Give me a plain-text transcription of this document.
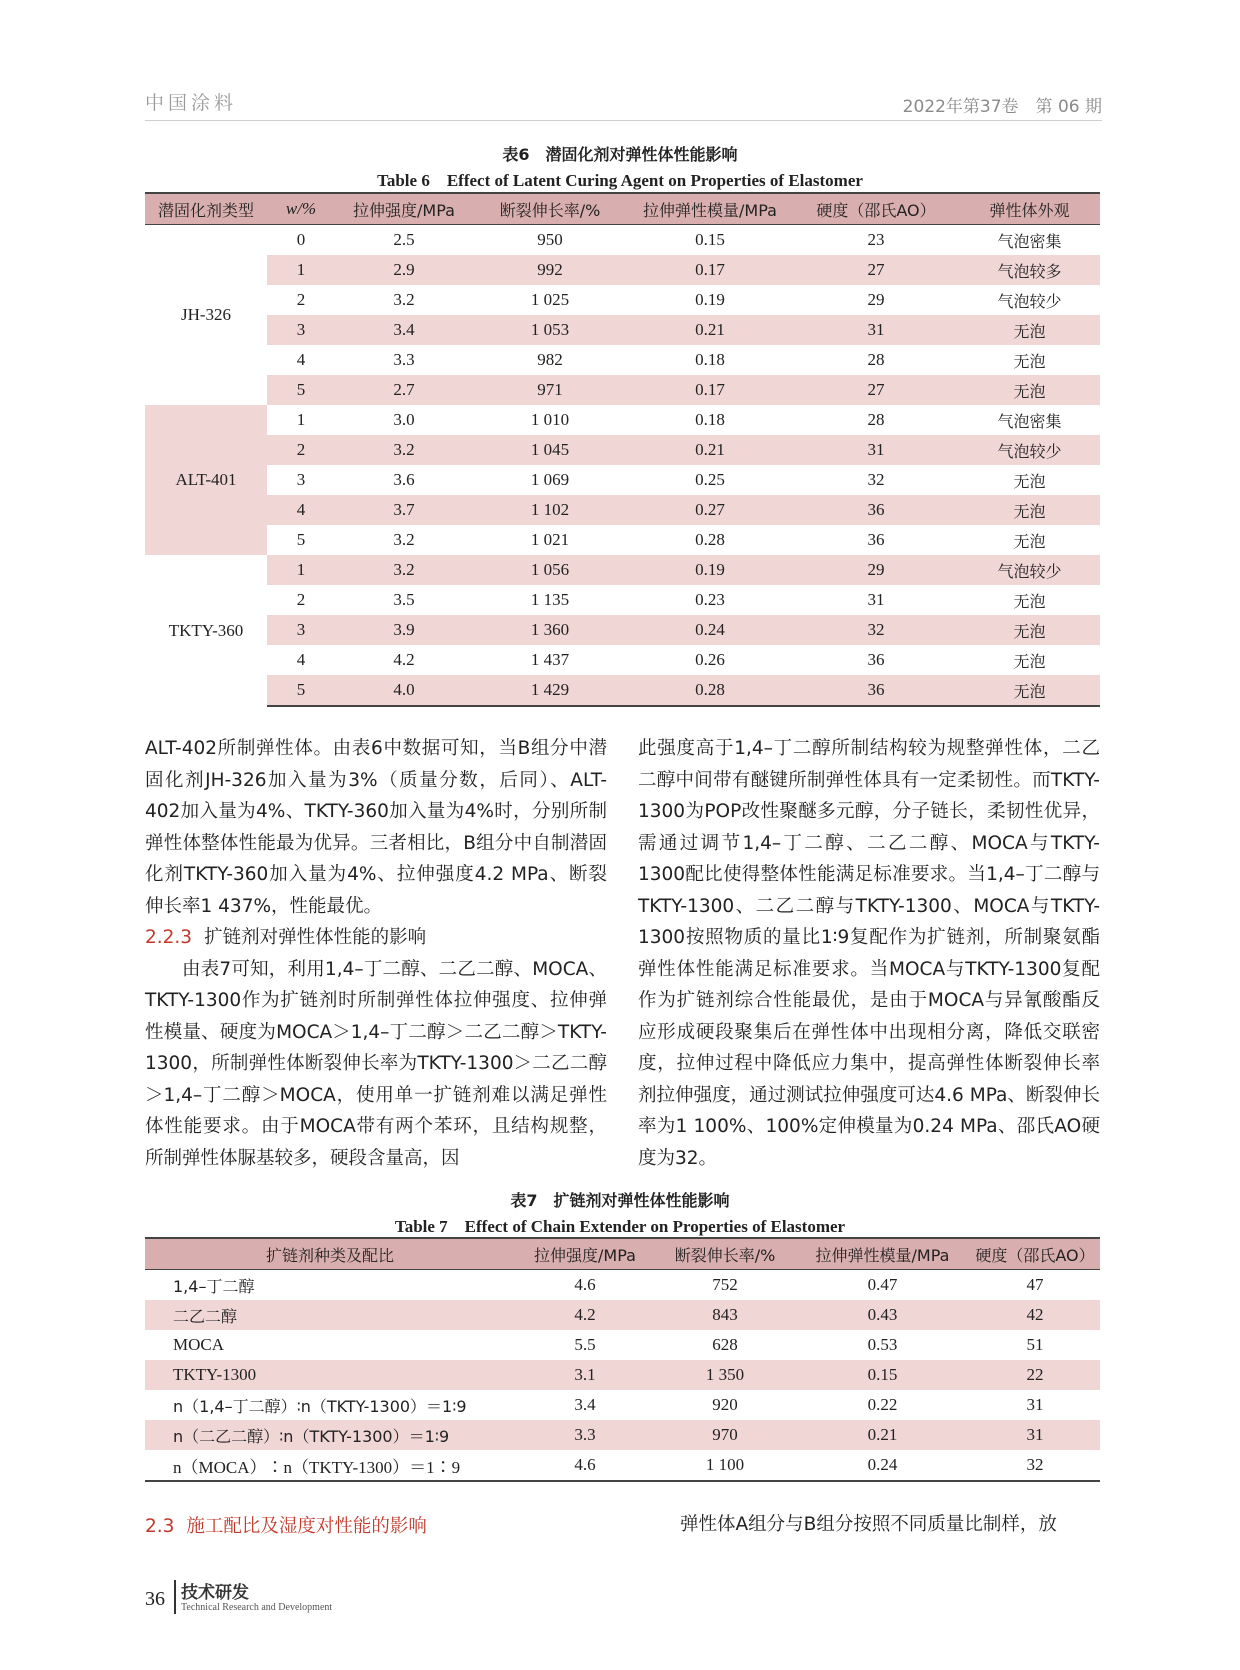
中国涂料	2022年第37卷　第 06 期
表6　潜固化剂对弹性体性能影响
Table 6　Effect of Latent Curing Agent on Properties of Elastomer
潜固化剂类型	w/%	拉伸强度/MPa	断裂伸长率/%	拉伸弹性模量/MPa	硬度（邵氏AO）	弹性体外观
JH-326	0	2.5	950	0.15	23	气泡密集
	1	2.9	992	0.17	27	气泡较多
	2	3.2	1 025	0.19	29	气泡较少
	3	3.4	1 053	0.21	31	无泡
	4	3.3	982	0.18	28	无泡
	5	2.7	971	0.17	27	无泡
ALT-401	1	3.0	1 010	0.18	28	气泡密集
	2	3.2	1 045	0.21	31	气泡较少
	3	3.6	1 069	0.25	32	无泡
	4	3.7	1 102	0.27	36	无泡
	5	3.2	1 021	0.28	36	无泡
TKTY-360	1	3.2	1 056	0.19	29	气泡较少
	2	3.5	1 135	0.23	31	无泡
	3	3.9	1 360	0.24	32	无泡
	4	4.2	1 437	0.26	36	无泡
	5	4.0	1 429	0.28	36	无泡

ALT-402所制弹性体。由表6中数据可知，当B组分中潜固化剂JH-326加入量为3%（质量分数，后同）、ALT-402加入量为4%、TKTY-360加入量为4%时，分别所制弹性体整体性能最为优异。三者相比，B组分中自制潜固化剂TKTY-360加入量为4%、拉伸强度4.2 MPa、断裂伸长率1 437%，性能最优。

2.2.3 扩链剂对弹性体性能的影响

由表7可知，利用1,4–丁二醇、二乙二醇、MOCA、TKTY-1300作为扩链剂时所制弹性体拉伸强度、拉伸弹性模量、硬度为MOCA＞1,4–丁二醇＞二乙二醇＞TKTY-1300，所制弹性体断裂伸长率为TKTY-1300＞二乙二醇＞1,4–丁二醇＞MOCA，使用单一扩链剂难以满足弹性体性能要求。由于MOCA带有两个苯环，且结构规整，所制弹性体脲基较多，硬段含量高，因

此强度高于1,4–丁二醇所制结构较为规整弹性体，二乙二醇中间带有醚键所制弹性体具有一定柔韧性。而TKTY-1300为POP改性聚醚多元醇，分子链长，柔韧性优异，需通过调节1,4–丁二醇、二乙二醇、MOCA与TKTY-1300配比使得整体性能满足标准要求。当1,4–丁二醇与TKTY-1300、二乙二醇与TKTY-1300、MOCA与TKTY-1300按照物质的量比1∶9复配作为扩链剂，所制聚氨酯弹性体性能满足标准要求。当MOCA与TKTY-1300复配作为扩链剂综合性能最优，是由于MOCA与异氰酸酯反应形成硬段聚集后在弹性体中出现相分离，降低交联密度，拉伸过程中降低应力集中，提高弹性体断裂伸长率剂拉伸强度，通过测试拉伸强度可达4.6 MPa、断裂伸长率为1 100%、100%定伸模量为0.24 MPa、邵氏AO硬度为32。

表7　扩链剂对弹性体性能影响
Table 7　Effect of Chain Extender on Properties of Elastomer
扩链剂种类及配比	拉伸强度/MPa	断裂伸长率/%	拉伸弹性模量/MPa	硬度（邵氏AO）
1,4–丁二醇	4.6	752	0.47	47
二乙二醇	4.2	843	0.43	42
MOCA	5.5	628	0.53	51
TKTY-1300	3.1	1 350	0.15	22
n（1,4–丁二醇）∶n（TKTY-1300）＝1∶9	3.4	920	0.22	31
n（二乙二醇）∶n（TKTY-1300）＝1∶9	3.3	970	0.21	31
n（MOCA）∶n（TKTY-1300）＝1∶9	4.6	1 100	0.24	32
2.3 施工配比及湿度对性能的影响	弹性体A组分与B组分按照不同质量比制样，放
36 技术研发
Technical Research and Development
